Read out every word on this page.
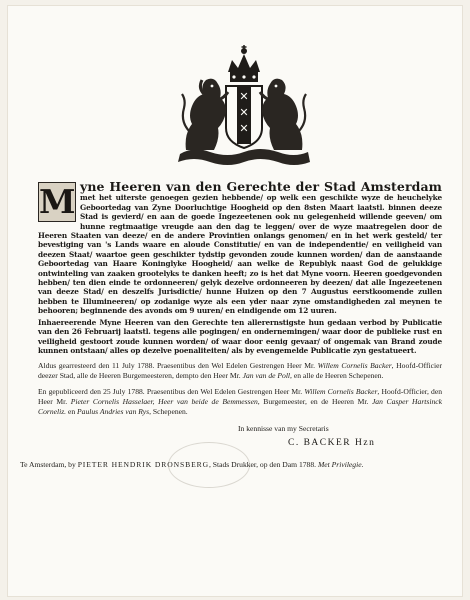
✕
✕
✕

M yne Heeren van den Gerechte der Stad Amsterdam met het uiterste genoegen gezien hebbende/ op welk een geschikte wyze de heuchelyke Geboortedag van Zyne Doorluchtige Hoogheid op den 8sten Maart laatstl. binnen deeze Stad is gevierd/ en aan de goede Ingezeetenen ook nu gelegenheid willende geeven/ om hunne regtmaatige vreugde aan den dag te leggen/ over de wyze maatregelen door de Heeren Staaten van deeze/ en de andere Provintien onlangs genomen/ en in het werk gesteld/ ter bevestiging van 's Lands waare en aloude Constitutie/ en van de independentie/ en veiligheid van deezen Staat/ waartoe geen geschikter tydstip gevonden zoude kunnen worden/ dan de aanstaande Geboortedag van Haare Koninglyke Hoogheid/ aan welke de Republyk naast God de gelukkige ontwinteling van zaaken grootelyks te danken heeft; zo is het dat Myne voorn. Heeren goedgevonden hebben/ ten dien einde te ordonneeren/ gelyk dezelve ordonneeren by deezen/ dat alle Ingezeetenen van deeze Stad/ en deszelfs Jurisdictie/ hunne Huizen op den 7 Augustus eerstkoomende zullen hebben te Illumineeren/ op zodanige wyze als een yder naar zyne omstandigheden zal meynen te behooren; beginnende des avonds om 9 uuren/ en eindigende om 12 uuren.

Inhaereerende Myne Heeren van den Gerechte ten allerernstigste hun gedaan verbod by Publicatie van den 26 Februarij laatstl. tegens alle pogingen/ en ondernemingen/ waar door de publieke rust en veiligheid gestoort zoude kunnen worden/ of waar door eenig gevaar/ of ongemak van Brand zoude kunnen ontstaan/ alles op dezelve poenaliteiten/ als by evengemelde Publicatie zyn gestatueert.

Aldus gearresteerd den 11 July 1788. Praesentibus den Wel Edelen Gestrengen Heer Mr. Willem Cornelis Backer, Hoofd-Officier deezer Stad, alle de Heeren Burgemeesteren, dempto den Heer Mr. Jan van de Poll, en alle de Heeren Schepenen.

En gepubliceerd den 25 July 1788. Praesentibus den Wel Edelen Gestrengen Heer Mr. Willem Cornelis Backer, Hoofd-Officier, den Heer Mr. Pieter Cornelis Hasselaer, Heer van beide de Bemmessen, Burgemeester, en de Heeren Mr. Jan Casper Hartsinck Corneliz. en Paulus Andries van Rys, Schepenen.

In kennisse van my Secretaris

C. BACKER Hzn

Te Amsterdam, by PIETER HENDRIK DRONSBERG, Stads Drukker, op den Dam 1788. Met Privilegie.
